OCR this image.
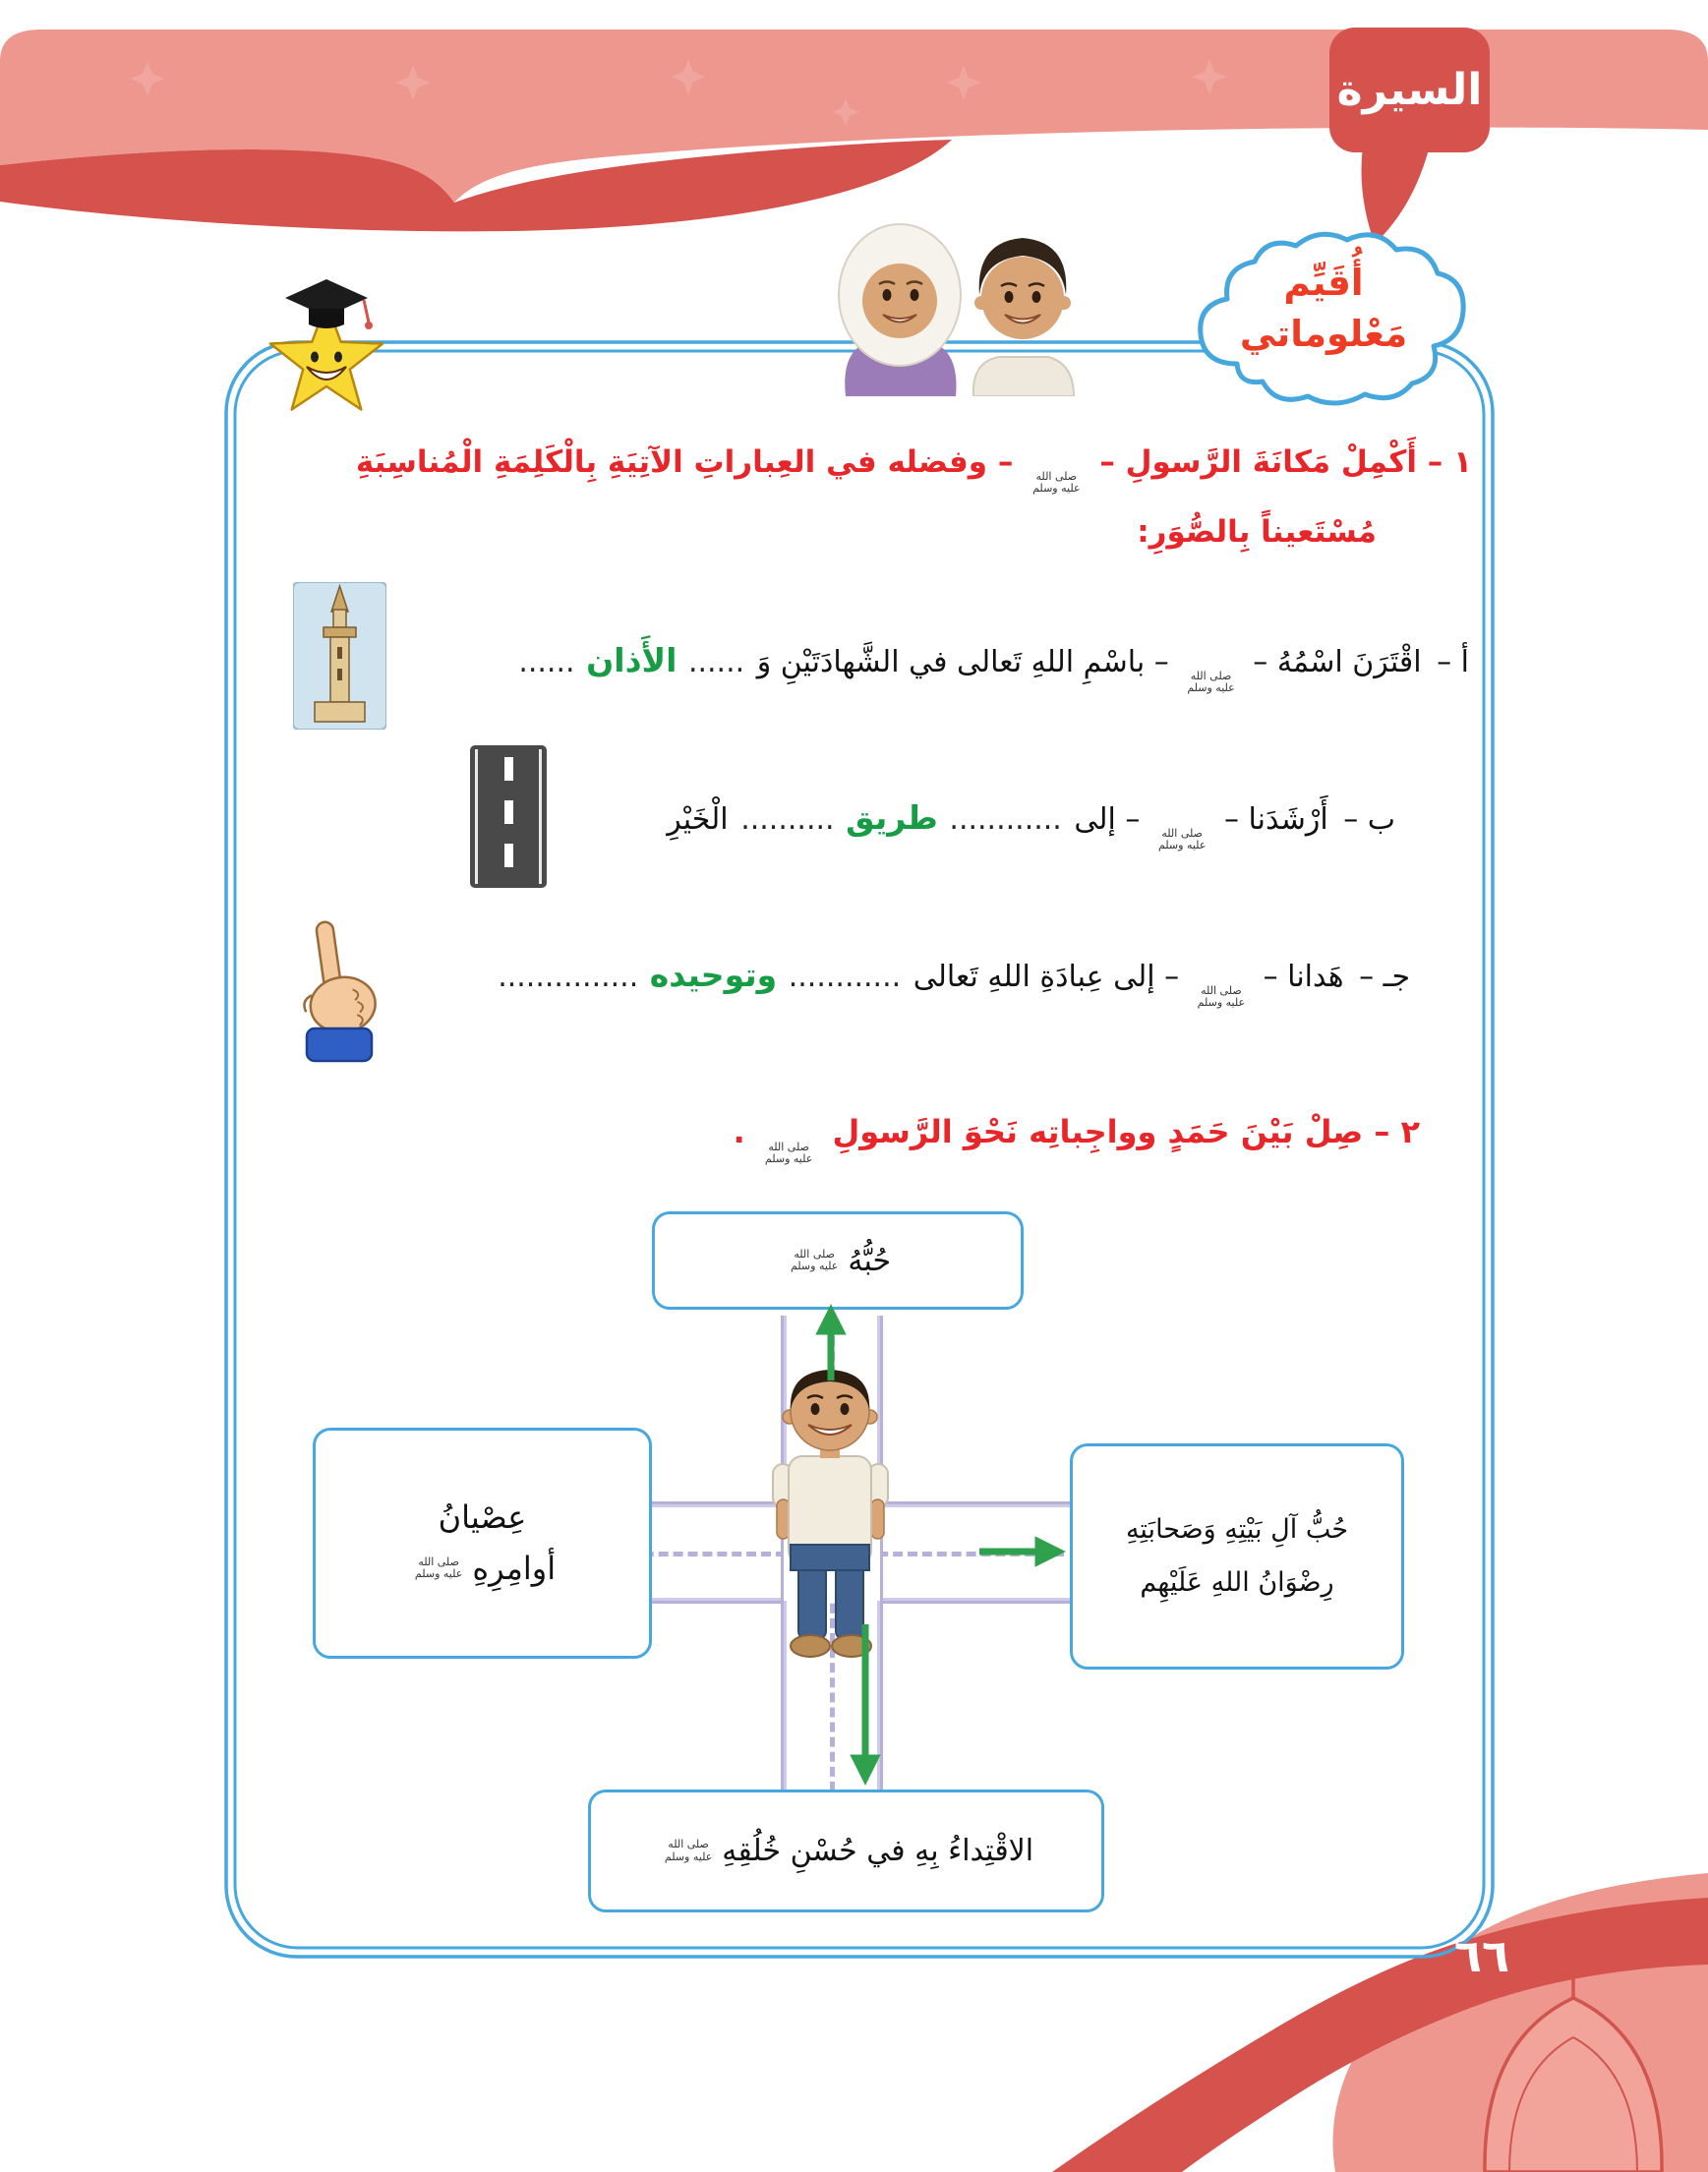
السيرة
أُقَيِّم
مَعْلوماتي
١ – أَكْمِلْ مَكانَةَ الرَّسولِ –
صلى الله
عليه وسلم
– وفضله في العِباراتِ الآتِيَةِ بِالْكَلِمَةِ الْمُناسِبَةِ
مُسْتَعيناً بِالصُّوَرِ:
أ – اقْتَرَنَ اسْمُهُ –
صلى الله
عليه وسلم
– باسْمِ اللهِ تَعالى في الشَّهادَتَيْنِ وَ ...... الأَذان ......
ب – أَرْشَدَنا –
صلى الله
عليه وسلم
– إلى ............ طريق .......... الْخَيْرِ
جـ – هَدانا –
صلى الله
عليه وسلم
– إلى عِبادَةِ اللهِ تَعالى ............ وتوحيده ...............
٢ – صِلْ بَيْنَ حَمَدٍ وواجِباتِه نَحْوَ الرَّسولِ
صلى الله
عليه وسلم
.
حُبُّهُ
صلى الله
عليه وسلم
عِصْيانُ
أوامِرِهِ
صلى الله
عليه وسلم
حُبُّ آلِ بَيْتِهِ وَصَحابَتِهِ
رِضْوَانُ اللهِ عَلَيْهِم
الاقْتِداءُ بِهِ في حُسْنِ خُلُقِهِ
صلى الله
عليه وسلم
٦٦
